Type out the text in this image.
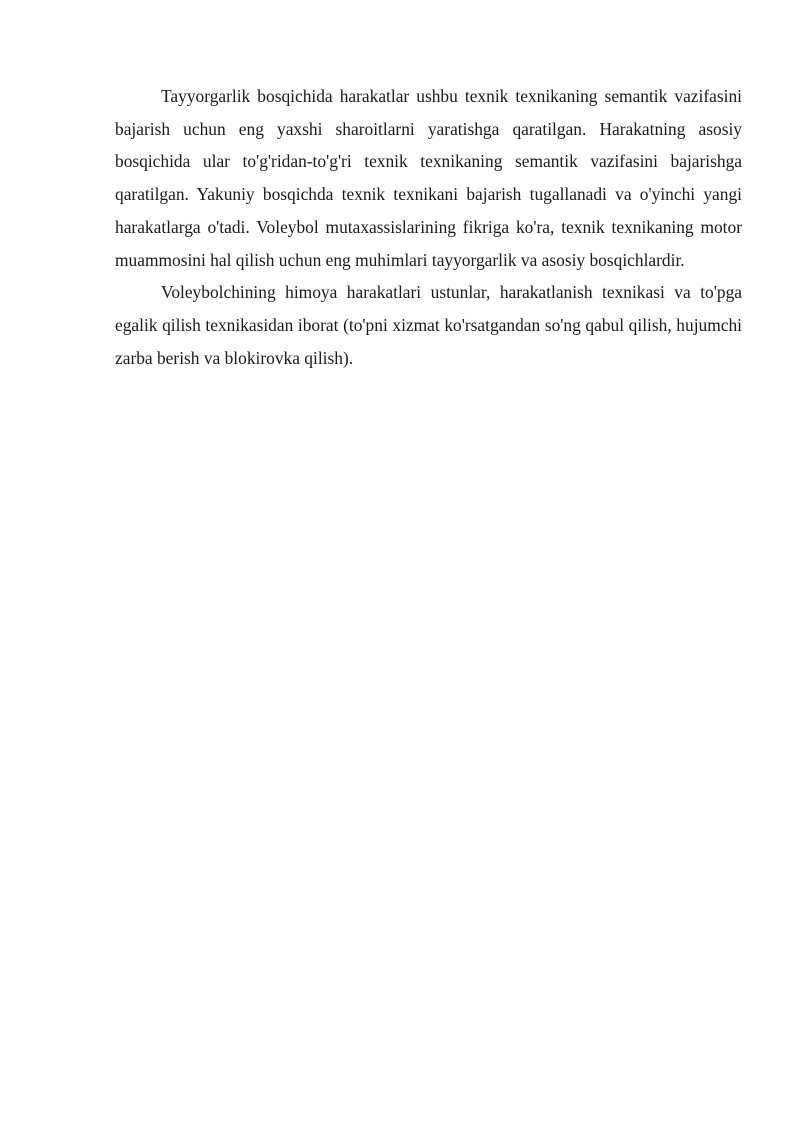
Tayyorgarlik bosqichida harakatlar ushbu texnik texnikaning semantik vazifasini bajarish uchun eng yaxshi sharoitlarni yaratishga qaratilgan. Harakatning asosiy bosqichida ular to'g'ridan-to'g'ri texnik texnikaning semantik vazifasini bajarishga qaratilgan. Yakuniy bosqichda texnik texnikani bajarish tugallanadi va o'yinchi yangi harakatlarga o'tadi. Voleybol mutaxassislarining fikriga ko'ra, texnik texnikaning motor muammosini hal qilish uchun eng muhimlari tayyorgarlik va asosiy bosqichlardir.

Voleybolchining himoya harakatlari ustunlar, harakatlanish texnikasi va to'pga egalik qilish texnikasidan iborat (to'pni xizmat ko'rsatgandan so'ng qabul qilish, hujumchi zarba berish va blokirovka qilish).
